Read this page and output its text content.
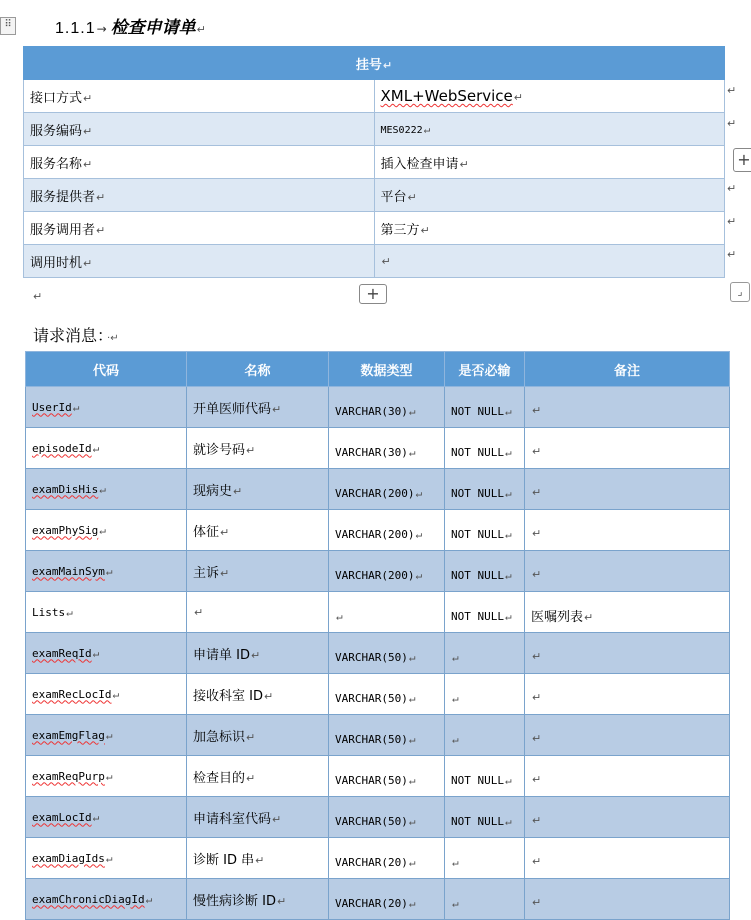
⠿	1.1.1→ 检查申请单↵
挂号↵	
接口方式↵	XML+WebService↵
服务编码↵	MES0222↵
服务名称↵	插入检查申请↵
服务提供者↵	平台↵
服务调用者↵	第三方↵
调用时机↵	↵
↵
↵
↵
↵
↵
+
+	⌟
↵
请求消息： ·↵
代码	名称	数据类型	是否必输	备注
UserId↵	开单医师代码↵	VARCHAR(30)↵	NOT NULL↵	↵
episodeId↵	就诊号码↵	VARCHAR(30)↵	NOT NULL↵	↵
examDisHis↵	现病史↵	VARCHAR(200)↵	NOT NULL↵	↵
examPhySig↵	体征↵	VARCHAR(200)↵	NOT NULL↵	↵
examMainSym↵	主诉↵	VARCHAR(200)↵	NOT NULL↵	↵
Lists↵	↵	↵	NOT NULL↵	医嘱列表↵
examReqId↵	申请单 ID↵	VARCHAR(50)↵	↵	↵
examRecLocId↵	接收科室 ID↵	VARCHAR(50)↵	↵	↵
examEmgFlag↵	加急标识↵	VARCHAR(50)↵	↵	↵
examReqPurp↵	检查目的↵	VARCHAR(50)↵	NOT NULL↵	↵
examLocId↵	申请科室代码↵	VARCHAR(50)↵	NOT NULL↵	↵
examDiagIds↵	诊断 ID 串↵	VARCHAR(20)↵	↵	↵
examChronicDiagId↵	慢性病诊断 ID↵	VARCHAR(20)↵	↵	↵
